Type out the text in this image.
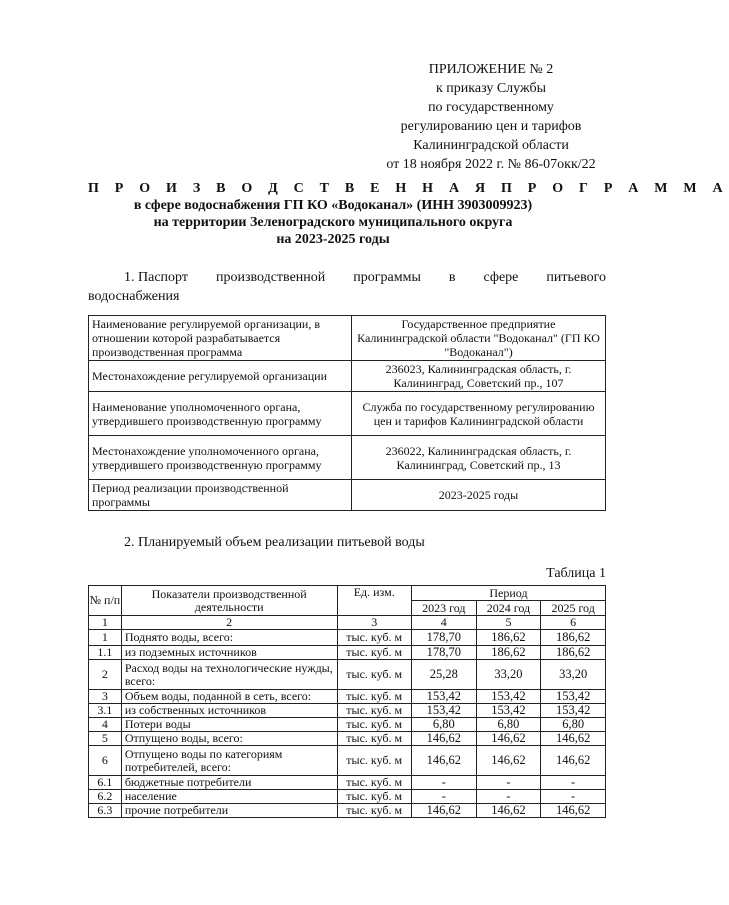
ПРИЛОЖЕНИЕ № 2
к приказу Службы
по государственному
регулированию цен и тарифов
Калининградской области
от 18 ноября 2022 г. № 86-07окк/22
П Р О И З В О Д С Т В Е Н Н А Я П Р О Г Р А М М А
в сфере водоснабжения ГП КО «Водоканал» (ИНН 3903009923)
на территории Зеленоградского муниципального округа
на 2023-2025 годы
1. Паспорт производственной программы в сфере питьевого
водоснабжения
Наименование регулируемой организации, в отношении которой разрабатывается производственная программа	Государственное предприятие Калининградской области "Водоканал" (ГП КО "Водоканал")
Местонахождение регулируемой организации	236023, Калининградская область, г. Калининград, Советский пр., 107
Наименование уполномоченного органа, утвердившего производственную программу	Служба по государственному регулированию цен и тарифов Калининградской области
Местонахождение уполномоченного органа, утвердившего производственную программу	236022, Калининградская область, г. Калининград, Советский пр., 13
Период реализации производственной программы	2023-2025 годы
2. Планируемый объем реализации питьевой воды
Таблица 1
№ п/п	Показатели производственной деятельности	Ед. изм.	Период		
			2023 год	2024 год	2025 год
1	2	3	4	5	6
1	Поднято воды, всего:	тыс. куб. м	178,70	186,62	186,62
1.1	из подземных источников	тыс. куб. м	178,70	186,62	186,62
2	Расход воды на технологические нужды, всего:	тыс. куб. м	25,28	33,20	33,20
3	Объем воды, поданной в сеть, всего:	тыс. куб. м	153,42	153,42	153,42
3.1	из собственных источников	тыс. куб. м	153,42	153,42	153,42
4	Потери воды	тыс. куб. м	6,80	6,80	6,80
5	Отпущено воды, всего:	тыс. куб. м	146,62	146,62	146,62
6	Отпущено воды по категориям потребителей, всего:	тыс. куб. м	146,62	146,62	146,62
6.1	бюджетные потребители	тыс. куб. м	-	-	-
6.2	население	тыс. куб. м	-	-	-
6.3	прочие потребители	тыс. куб. м	146,62	146,62	146,62
